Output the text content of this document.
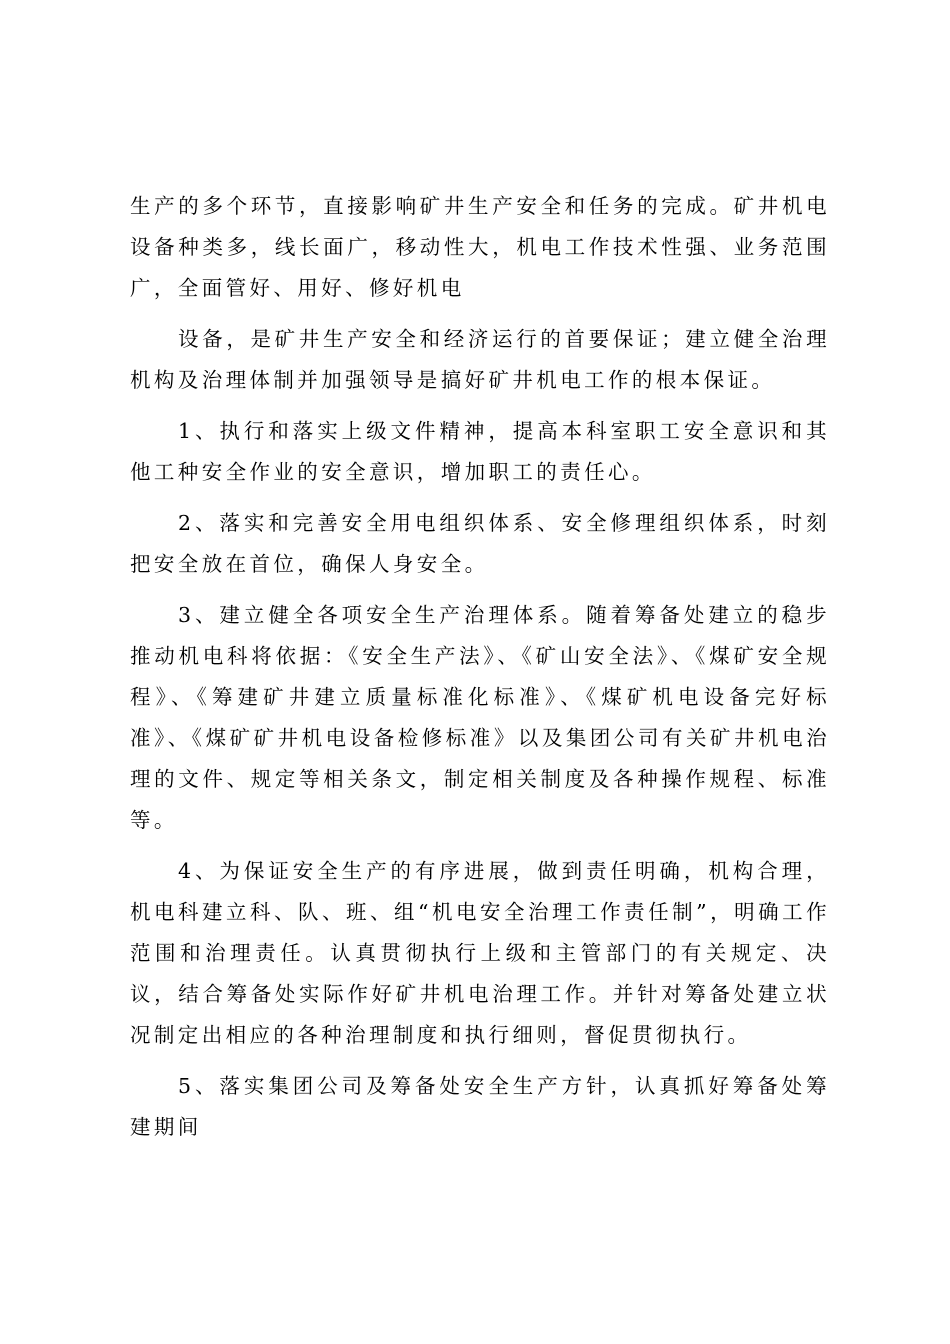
生产的多个环节，直接影响矿井生产安全和任务的完成。矿井机电设备种类多，线长面广，移动性大，机电工作技术性强、业务范围广，全面管好、用好、修好机电

设备，是矿井生产安全和经济运行的首要保证；建立健全治理机构及治理体制并加强领导是搞好矿井机电工作的根本保证。

1、执行和落实上级文件精神，提高本科室职工安全意识和其他工种安全作业的安全意识，增加职工的责任心。

2、落实和完善安全用电组织体系、安全修理组织体系，时刻把安全放在首位，确保人身安全。

3、建立健全各项安全生产治理体系。随着筹备处建立的稳步推动机电科将依据：《安全生产法》、《矿山安全法》、《煤矿安全规程》、《筹建矿井建立质量标准化标准》、《煤矿机电设备完好标准》、《煤矿矿井机电设备检修标准》以及集团公司有关矿井机电治理的文件、规定等相关条文，制定相关制度及各种操作规程、标准等。

4、为保证安全生产的有序进展，做到责任明确，机构合理，机电科建立科、队、班、组“机电安全治理工作责任制”，明确工作范围和治理责任。认真贯彻执行上级和主管部门的有关规定、决议，结合筹备处实际作好矿井机电治理工作。并针对筹备处建立状况制定出相应的各种治理制度和执行细则，督促贯彻执行。

5、落实集团公司及筹备处安全生产方针，认真抓好筹备处筹建期间
